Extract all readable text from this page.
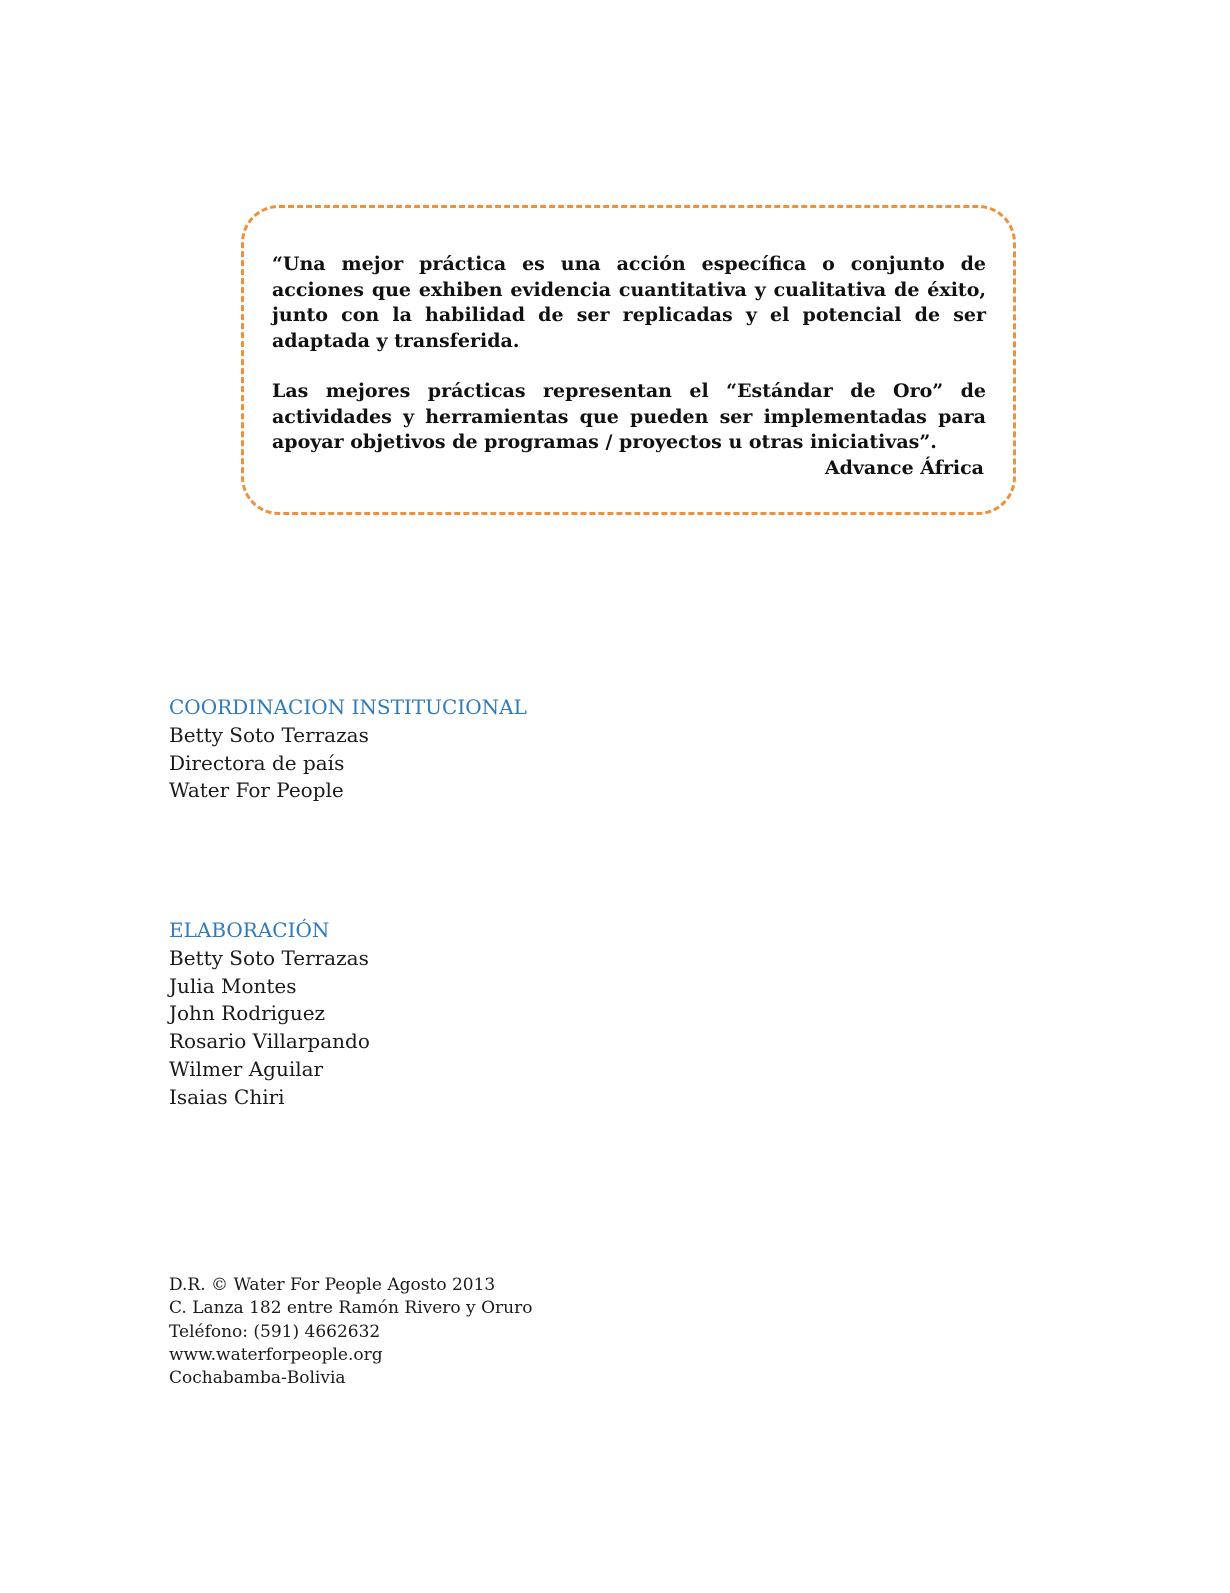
“Una mejor práctica es una acción específica o conjunto de acciones que exhiben evidencia cuantitativa y cualitativa de éxito, junto con la habilidad de ser replicadas y el potencial de ser adaptada y transferida.

Las mejores prácticas representan el “Estándar de Oro” de actividades y herramientas que pueden ser implementadas para apoyar objetivos de programas / proyectos u otras iniciativas”.

Advance África
COORDINACION INSTITUCIONAL
Betty Soto Terrazas
Directora de país
Water For People
ELABORACIÓN
Betty Soto Terrazas
Julia Montes
John Rodriguez
Rosario Villarpando
Wilmer Aguilar
Isaias Chiri
D.R. © Water For People Agosto 2013
C. Lanza 182 entre Ramón Rivero y Oruro
Teléfono: (591) 4662632
www.waterforpeople.org
Cochabamba-Bolivia
